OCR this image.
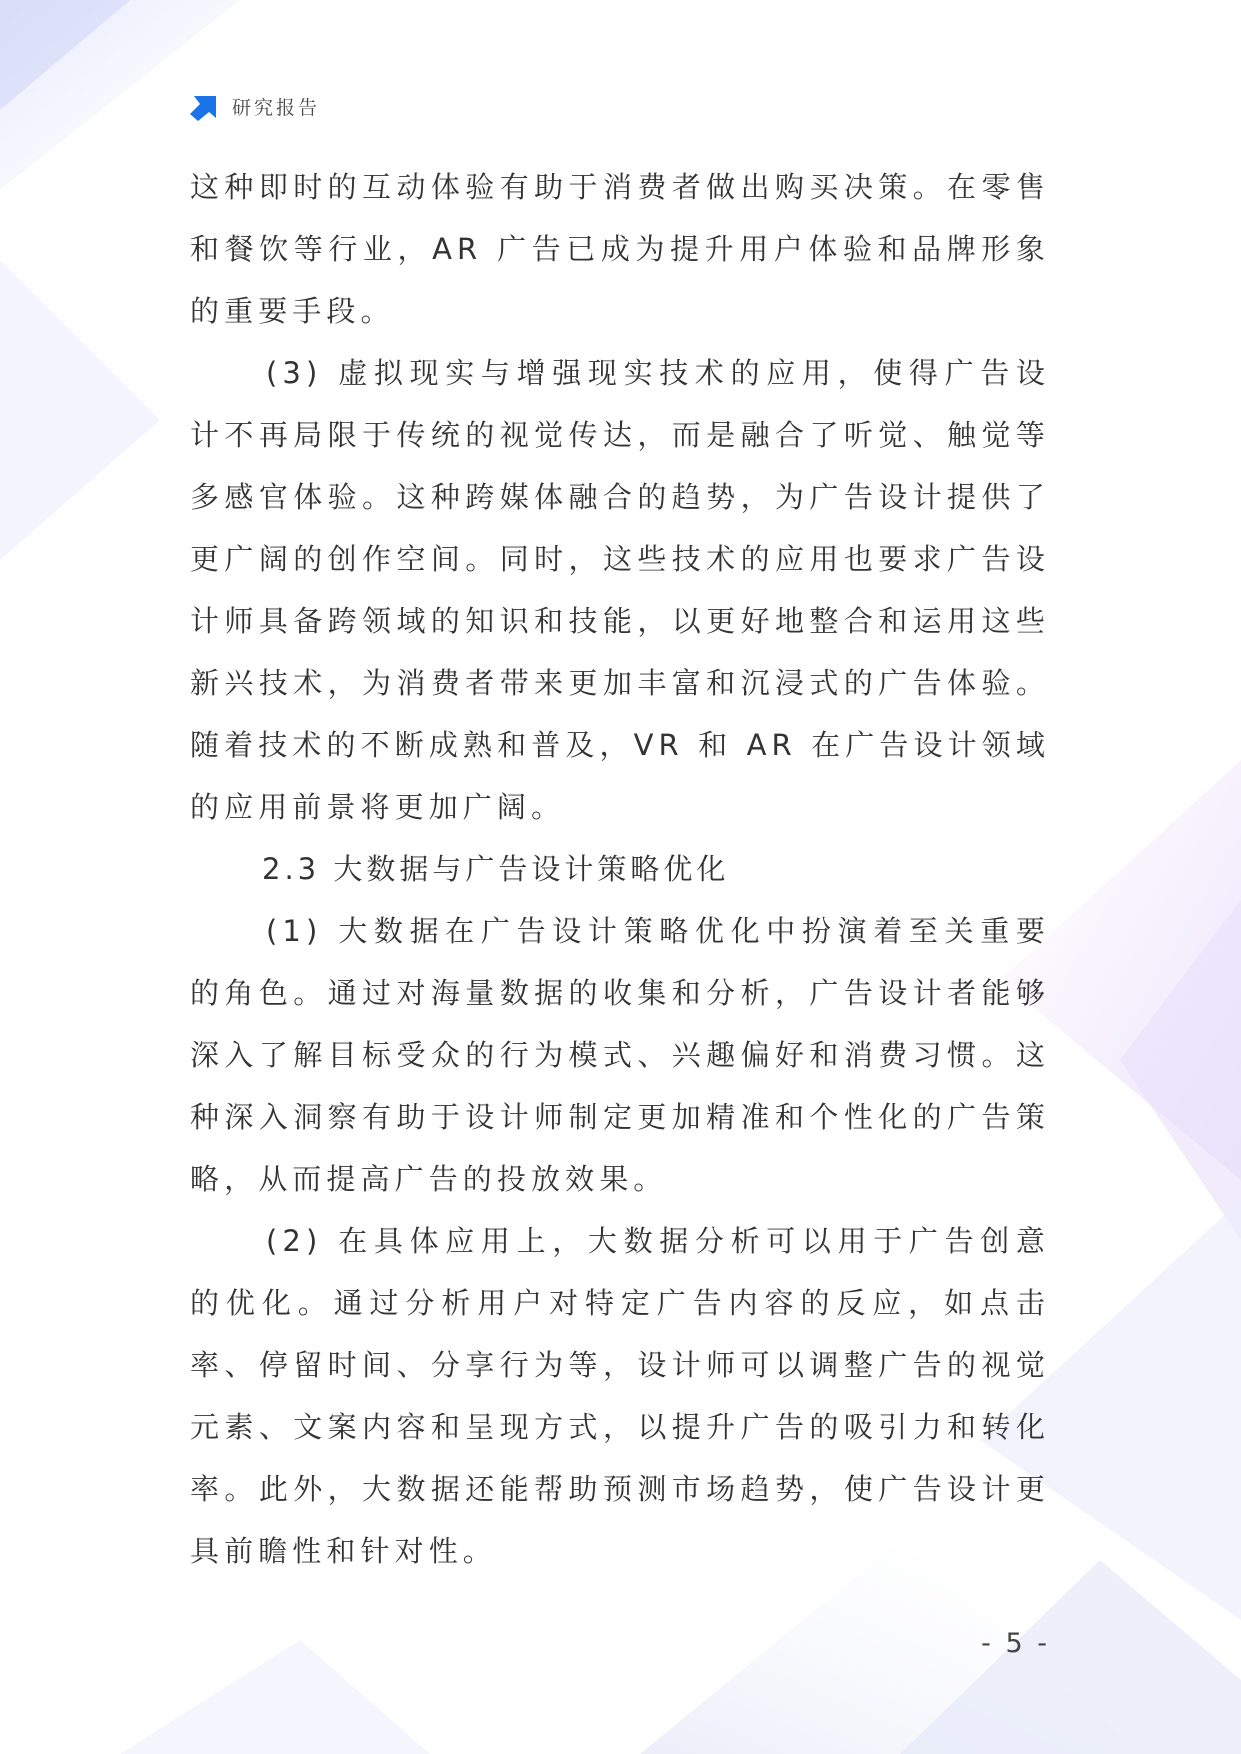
研究报告

这种即时的互动体验有助于消费者做出购买决策。在零售和餐饮等行业，AR 广告已成为提升用户体验和品牌形象的重要手段。

(3) 虚拟现实与增强现实技术的应用，使得广告设计不再局限于传统的视觉传达，而是融合了听觉、触觉等多感官体验。这种跨媒体融合的趋势，为广告设计提供了更广阔的创作空间。同时，这些技术的应用也要求广告设计师具备跨领域的知识和技能，以更好地整合和运用这些新兴技术，为消费者带来更加丰富和沉浸式的广告体验。随着技术的不断成熟和普及，VR 和 AR 在广告设计领域的应用前景将更加广阔。

2.3 大数据与广告设计策略优化

(1) 大数据在广告设计策略优化中扮演着至关重要的角色。通过对海量数据的收集和分析，广告设计者能够深入了解目标受众的行为模式、兴趣偏好和消费习惯。这种深入洞察有助于设计师制定更加精准和个性化的广告策略，从而提高广告的投放效果。

(2) 在具体应用上，大数据分析可以用于广告创意的优化。通过分析用户对特定广告内容的反应，如点击率、停留时间、分享行为等，设计师可以调整广告的视觉元素、文案内容和呈现方式，以提升广告的吸引力和转化率。此外，大数据还能帮助预测市场趋势，使广告设计更具前瞻性和针对性。

- 5 -
